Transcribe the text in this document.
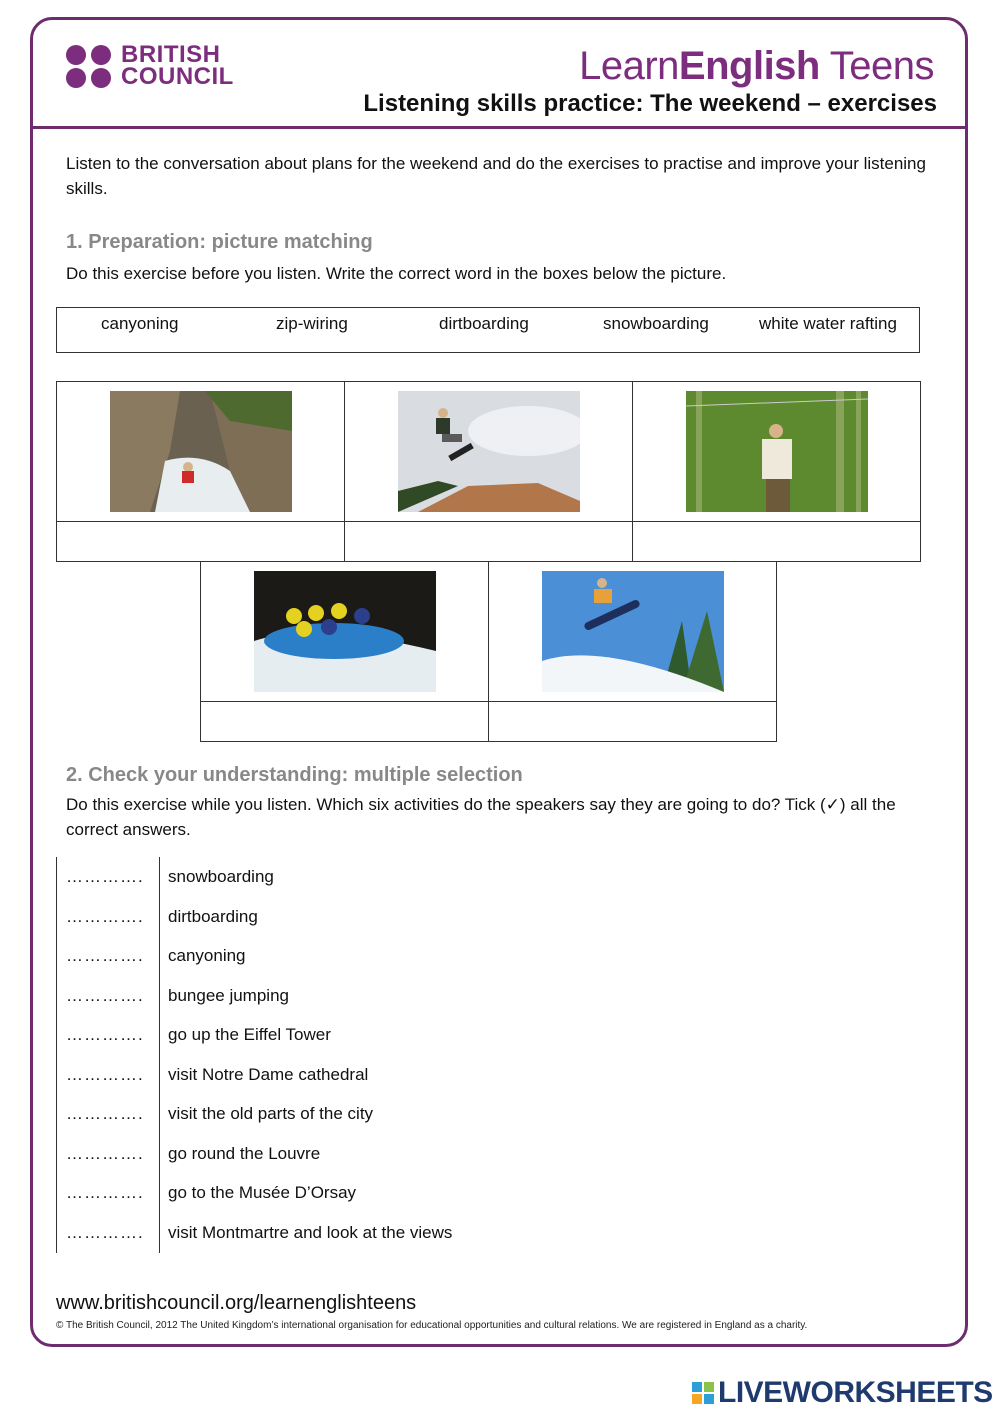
BRITISH
COUNCIL	LearnEnglish Teens
Listening skills practice: The weekend – exercises
Listen to the conversation about plans for the weekend and do the exercises to practise and improve your listening skills.
1. Preparation: picture matching
Do this exercise before you listen. Write the correct word in the boxes below the picture.
canyoning	zip-wiring	dirtboarding	snowboarding	white water rafting
2. Check your understanding: multiple selection
Do this exercise while you listen. Which six activities do the speakers say they are going to do? Tick (✓) all the correct answers.
…………. snowboarding
…………. dirtboarding
…………. canyoning
…………. bungee jumping
…………. go up the Eiffel Tower
…………. visit Notre Dame cathedral
…………. visit the old parts of the city
…………. go round the Louvre
…………. go to the Musée D’Orsay
…………. visit Montmartre and look at the views
www.britishcouncil.org/learnenglishteens
© The British Council, 2012 The United Kingdom’s international organisation for educational opportunities and cultural relations. We are registered in England as a charity.
LIVEWORKSHEETS
